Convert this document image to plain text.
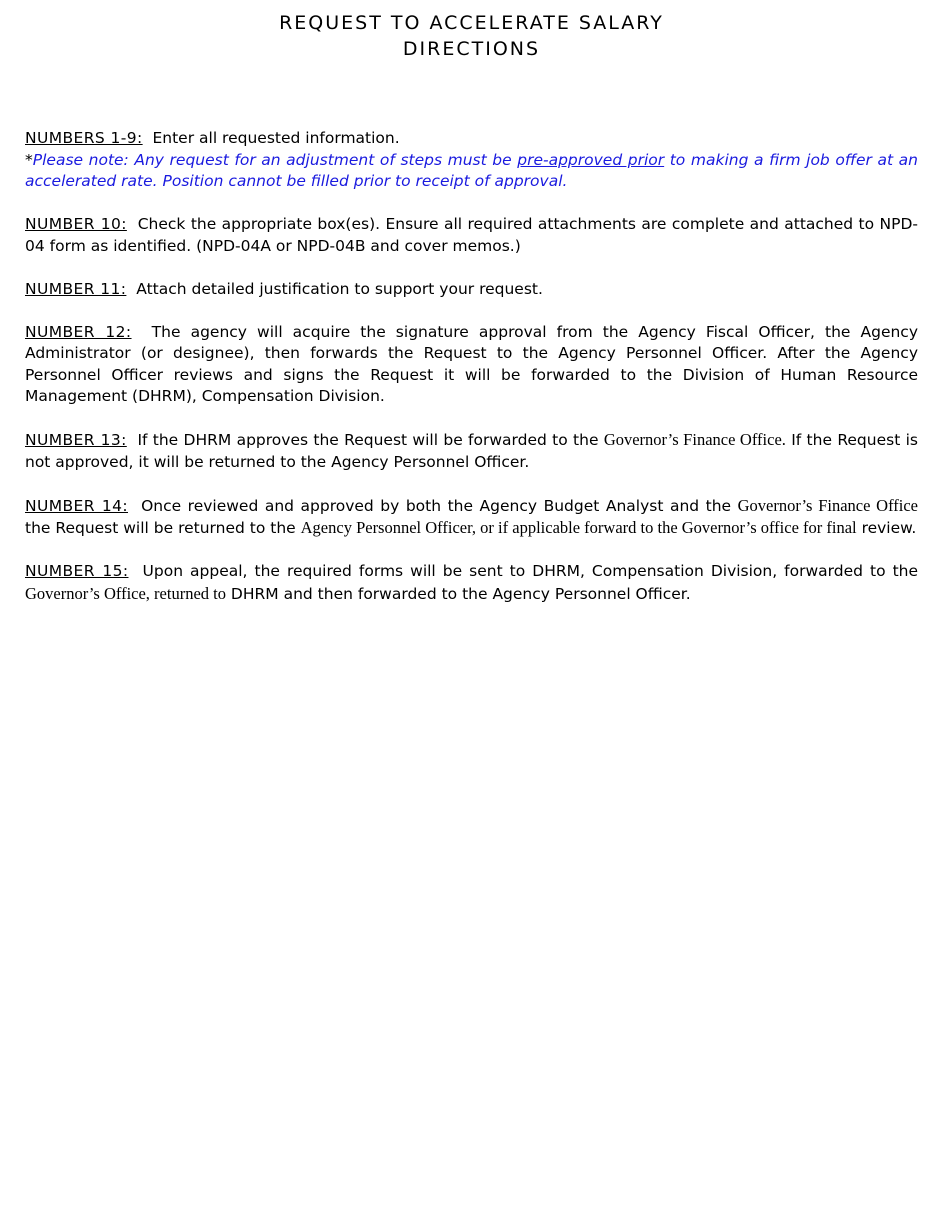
REQUEST TO ACCELERATE SALARY

DIRECTIONS

NUMBERS 1-9: Enter all requested information.
*Please note: Any request for an adjustment of steps must be pre-approved prior to making a firm job offer at an accelerated rate. Position cannot be filled prior to receipt of approval.

NUMBER 10: Check the appropriate box(es). Ensure all required attachments are complete and attached to NPD-04 form as identified. (NPD-04A or NPD-04B and cover memos.)

NUMBER 11: Attach detailed justification to support your request.

NUMBER 12: The agency will acquire the signature approval from the Agency Fiscal Officer, the Agency Administrator (or designee), then forwards the Request to the Agency Personnel Officer. After the Agency Personnel Officer reviews and signs the Request it will be forwarded to the Division of Human Resource Management (DHRM), Compensation Division.

NUMBER 13: If the DHRM approves the Request will be forwarded to the Governor’s Finance Office. If the Request is not approved, it will be returned to the Agency Personnel Officer.

NUMBER 14: Once reviewed and approved by both the Agency Budget Analyst and the Governor’s Finance Office the Request will be returned to the Agency Personnel Officer, or if applicable forward to the Governor’s office for final review.

NUMBER 15: Upon appeal, the required forms will be sent to DHRM, Compensation Division, forwarded to the Governor’s Office, returned to DHRM and then forwarded to the Agency Personnel Officer.
